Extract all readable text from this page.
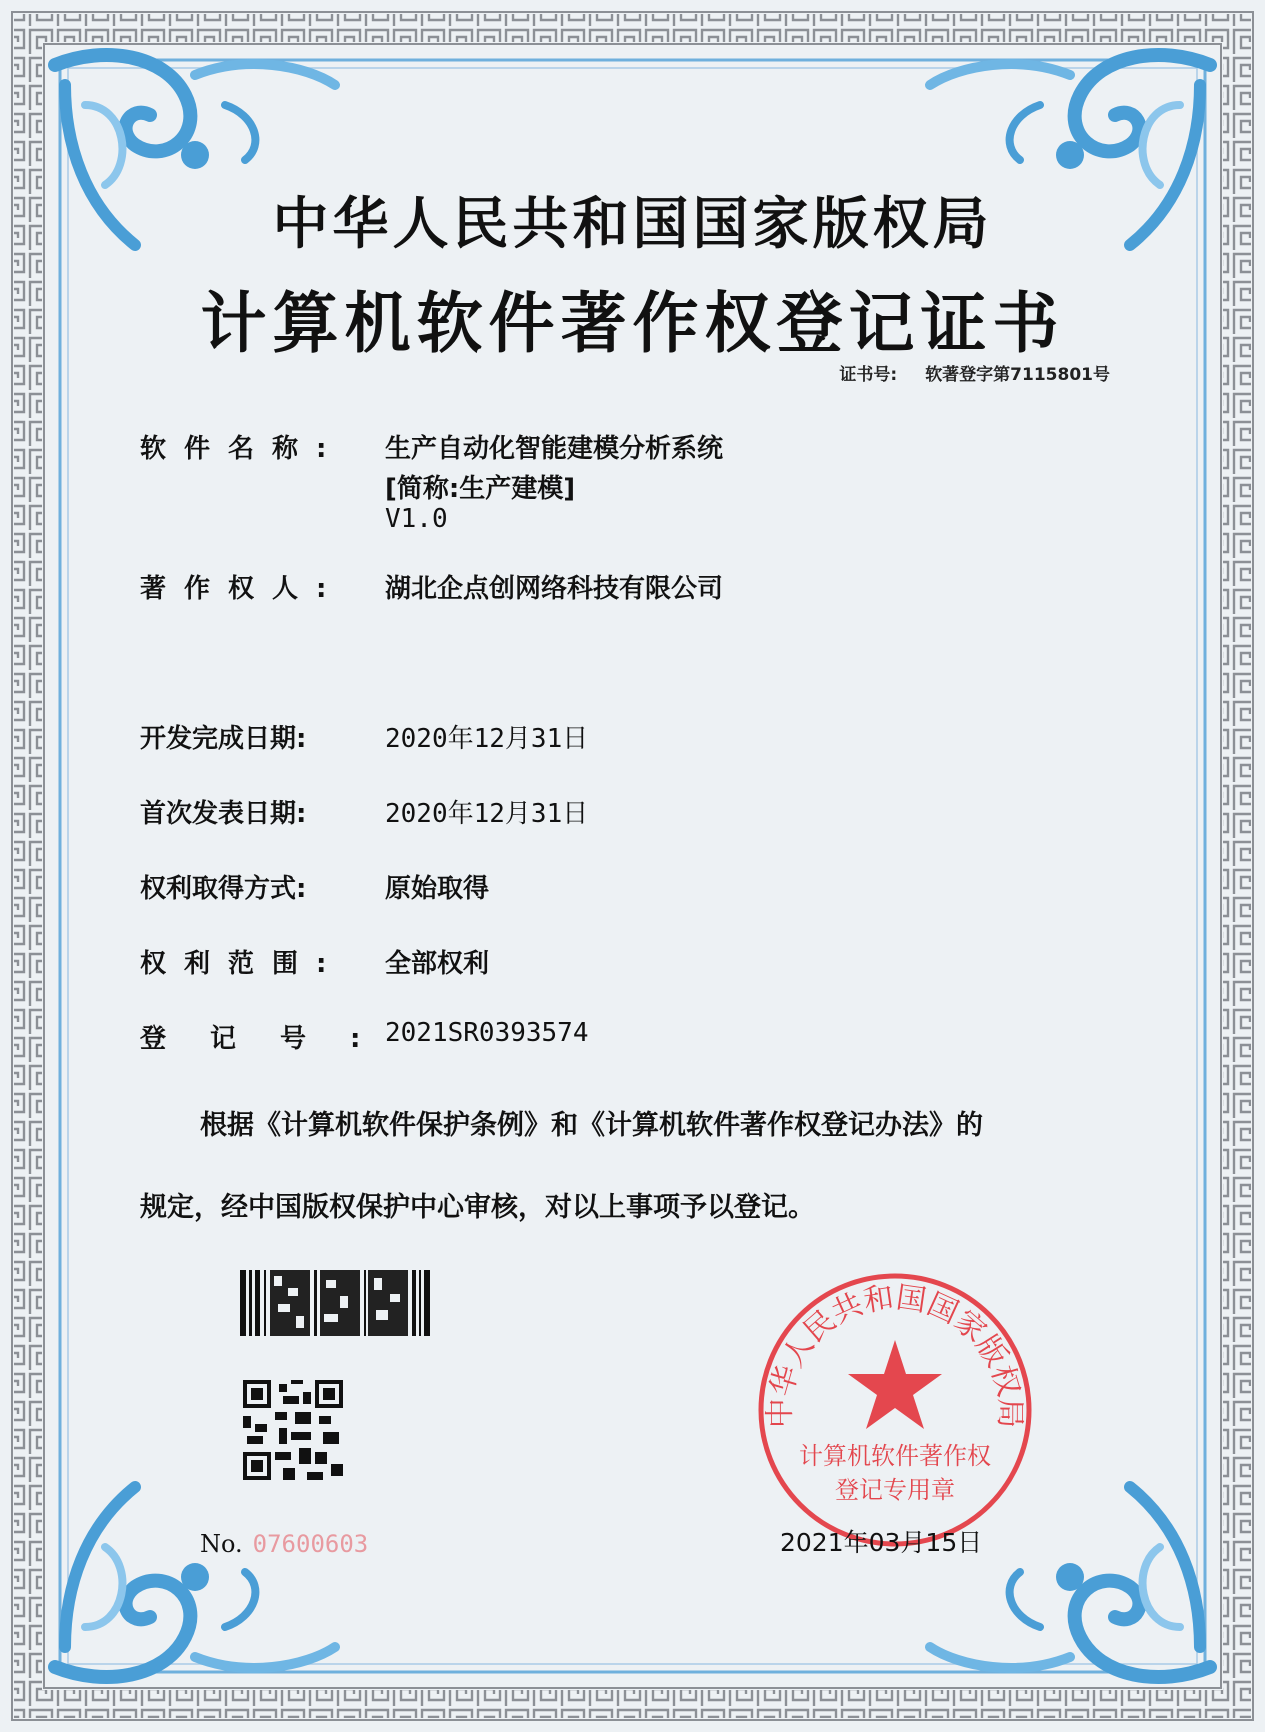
中华人民共和国国家版权局
计算机软件著作权登记证书
证书号: 软著登字第7115801号
软件名称: 生产自动化智能建模分析系统
[简称:生产建模]
V1.0
著作权人: 湖北企点创网络科技有限公司
开发完成日期:	2020年12月31日
首次发表日期:	2020年12月31日
权利取得方式:	原始取得
权利范围: 全部权利
登记号:
2021SR0393574
根据《计算机软件保护条例》和《计算机软件著作权登记办法》的
规定，经中国版权保护中心审核，对以上事项予以登记。
No. 07600603
中华人民共和国国家版权局
计算机软件著作权
登记专用章
2021年03月15日
